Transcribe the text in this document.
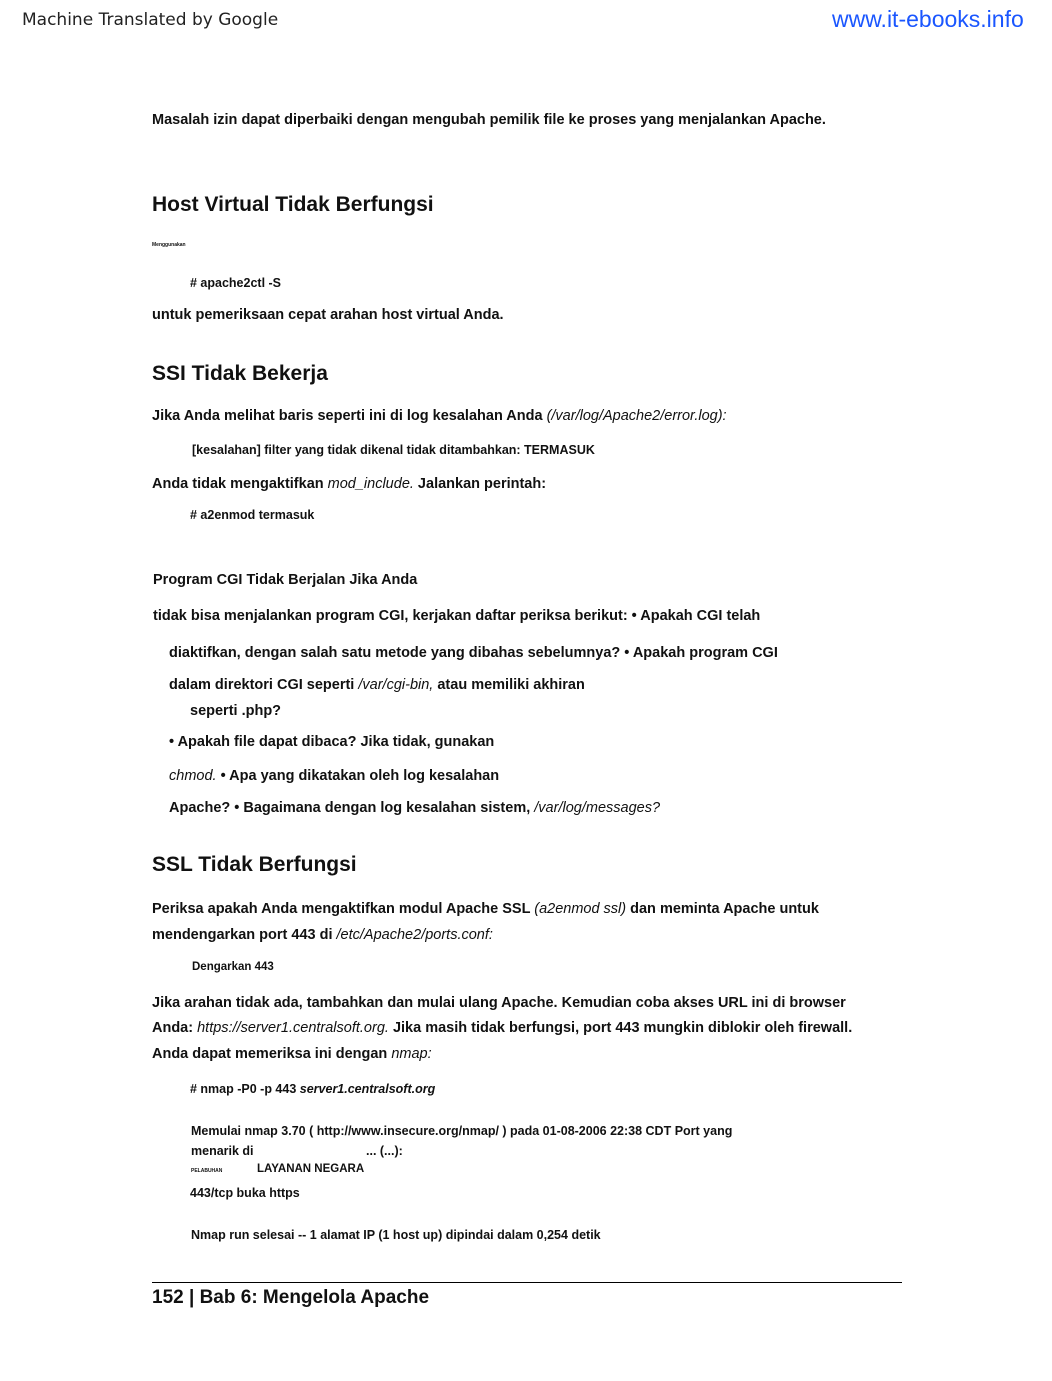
Machine Translated by Google	www.it-ebooks.info
Masalah izin dapat diperbaiki dengan mengubah pemilik file ke proses yang menjalankan Apache.
Host Virtual Tidak Berfungsi
Menggunakan
# apache2ctl -S
untuk pemeriksaan cepat arahan host virtual Anda.
SSI Tidak Bekerja
Jika Anda melihat baris seperti ini di log kesalahan Anda (/var/log/Apache2/error.log):
[kesalahan] filter yang tidak dikenal tidak ditambahkan: TERMASUK
Anda tidak mengaktifkan mod_include. Jalankan perintah:
# a2enmod termasuk
Program CGI Tidak Berjalan Jika Anda
tidak bisa menjalankan program CGI, kerjakan daftar periksa berikut: • Apakah CGI telah
diaktifkan, dengan salah satu metode yang dibahas sebelumnya? • Apakah program CGI
dalam direktori CGI seperti /var/cgi-bin, atau memiliki akhiran
seperti .php?
• Apakah file dapat dibaca? Jika tidak, gunakan
chmod. • Apa yang dikatakan oleh log kesalahan
Apache? • Bagaimana dengan log kesalahan sistem, /var/log/messages?
SSL Tidak Berfungsi
Periksa apakah Anda mengaktifkan modul Apache SSL (a2enmod ssl) dan meminta Apache untuk
mendengarkan port 443 di /etc/Apache2/ports.conf:
Dengarkan 443
Jika arahan tidak ada, tambahkan dan mulai ulang Apache. Kemudian coba akses URL ini di browser
Anda: https://server1.centralsoft.org. Jika masih tidak berfungsi, port 443 mungkin diblokir oleh firewall.
Anda dapat memeriksa ini dengan nmap:
# nmap -P0 -p 443 server1.centralsoft.org
Memulai nmap 3.70 ( http://www.insecure.org/nmap/ ) pada 01-08-2006 22:38 CDT Port yang
menarik di	... (...):
PELABUHAN	LAYANAN NEGARA
443/tcp buka https
Nmap run selesai -- 1 alamat IP (1 host up) dipindai dalam 0,254 detik
152 | Bab 6: Mengelola Apache
